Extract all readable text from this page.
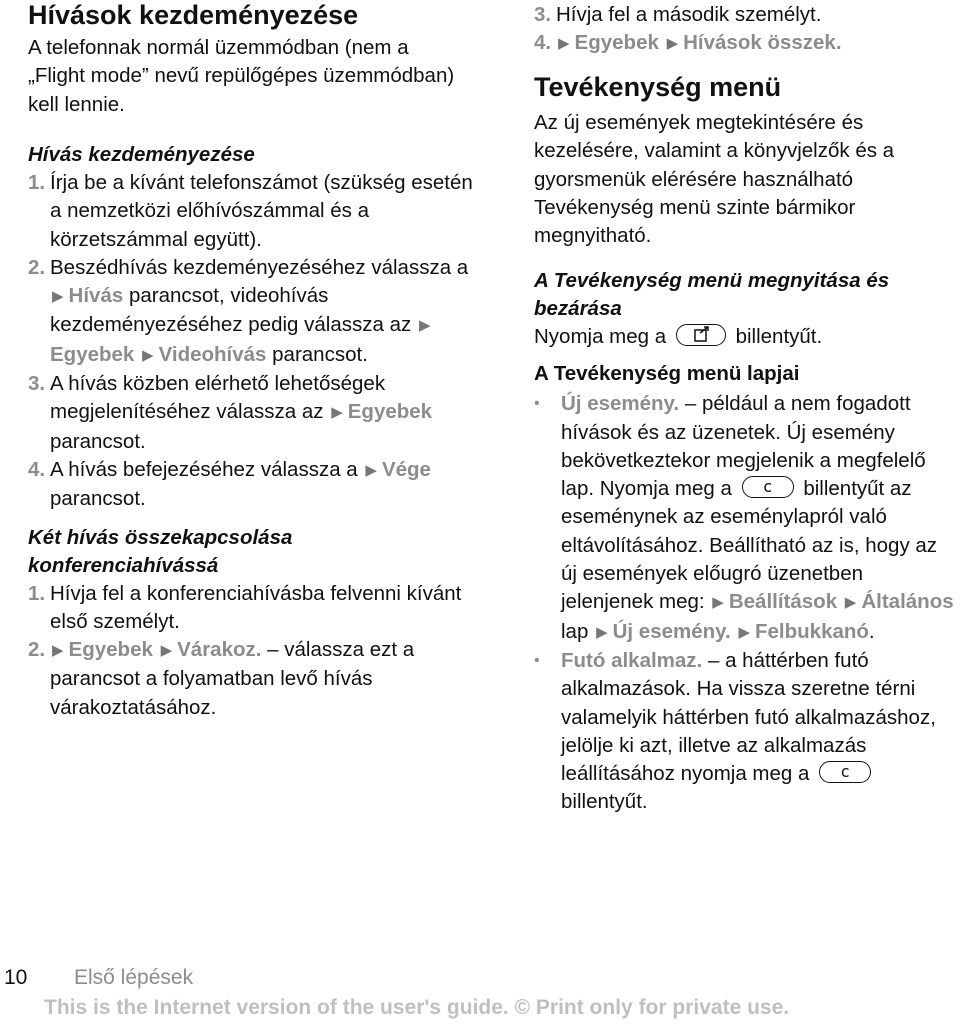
Hívások kezdeményezése
A telefonnak normál üzemmódban (nem a „Flight mode” nevű repülőgépes üzemmódban) kell lennie.
Hívás kezdeményezése
1. Írja be a kívánt telefonszámot (szükség esetén a nemzetközi előhívószámmal és a körzetszámmal együtt).
2. Beszédhívás kezdeményezéséhez válassza a ▶ Hívás parancsot, videohívás kezdeményezéséhez pedig válassza az ▶Egyebek ▶ Videohívás parancsot.
3. A hívás közben elérhető lehetőségek megjelenítéséhez válassza az ▶ Egyebek parancsot.
4. A hívás befejezéséhez válassza a ▶ Vége parancsot.
Két hívás összekapcsolása konferenciahívássá
1. Hívja fel a konferenciahívásba felvenni kívánt első személyt.
2. ▶ Egyebek ▶ Várakoz. – válassza ezt a parancsot a folyamatban levő hívás várakoztatásához.
3. Hívja fel a második személyt.
4. ▶ Egyebek ▶ Hívások összek.
Tevékenység menü
Az új események megtekintésére és kezelésére, valamint a könyvjelzők és a gyorsmenük elérésére használható Tevékenység menü szinte bármikor megnyitható.
A Tevékenység menü megnyitása és bezárása
Nyomja meg a	billentyűt.
A Tevékenység menü lapjai
•	Új esemény. – például a nem fogadott hívások és az üzenetek. Új esemény bekövetkeztekor megjelenik a megfelelő lap. Nyomja meg a	c	billentyűt az eseménynek az eseménylapról való eltávolításához. Beállítható az is, hogy az új események előugró üzenetben jelenjenek meg: ▶ Beállítások ▶ Általános lap ▶ Új esemény. ▶ Felbukkanó.
•	Futó alkalmaz. – a háttérben futó alkalmazások. Ha vissza szeretne térni valamelyik háttérben futó alkalmazáshoz, jelölje ki azt, illetve az alkalmazás leállításához nyomja meg a	c
billentyűt.
10 Első lépések
This is the Internet version of the user's guide. © Print only for private use.
